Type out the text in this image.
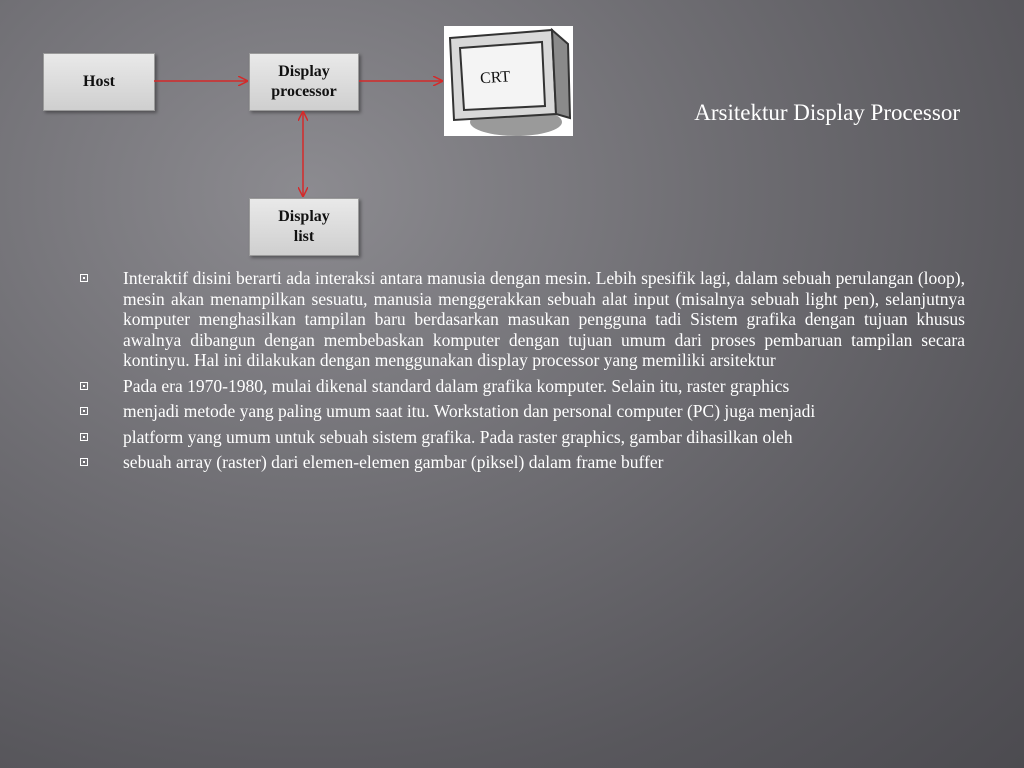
Host
Display
processor
Display
list
CRT
Arsitektur Display Processor
Interaktif disini berarti ada interaksi antara manusia dengan mesin. Lebih spesifik lagi, dalam sebuah perulangan (loop), mesin akan menampilkan sesuatu, manusia menggerakkan sebuah alat input (misalnya sebuah light pen), selanjutnya komputer menghasilkan tampilan baru berdasarkan masukan pengguna tadi Sistem grafika dengan tujuan khusus awalnya dibangun dengan membebaskan komputer dengan tujuan umum dari proses pembaruan tampilan secara kontinyu. Hal ini dilakukan dengan menggunakan display processor yang memiliki arsitektur
Pada era 1970-1980, mulai dikenal standard dalam grafika komputer. Selain itu, raster graphics
menjadi metode yang paling umum saat itu. Workstation dan personal computer (PC) juga menjadi
platform yang umum untuk sebuah sistem grafika. Pada raster graphics, gambar dihasilkan oleh
sebuah array (raster) dari elemen-elemen gambar (piksel) dalam frame buffer
